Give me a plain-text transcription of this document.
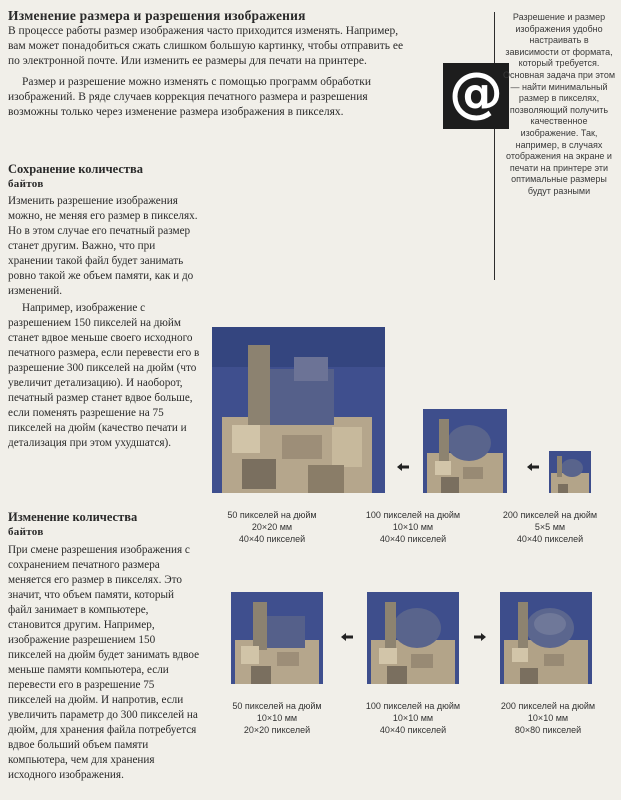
Изменение размера и разрешения изображения

В процессе работы размер изображения часто приходится изменять. Например, вам может понадобиться сжать слишком большую картинку, чтобы отправить ее по электронной почте. Или изменить ее размеры для печати на принтере.

Размер и разрешение можно изменять с помощью программ обработки изображений. В ряде случаев коррекция печатного размера и разрешения возможны только через изменение размера изображения в пикселях.	@
Разрешение и размер изображения удобно настраивать в зависимости от формата, который требуется. Основная задача при этом — найти минимальный размер в пикселях, позволяющий получить качественное изображение. Так, например, в случаях отображения на экране и печати на принтере эти оптимальные размеры будут разными
Сохранение количества
байтов

Изменить разрешение изображения можно, не меняя его размер в пикселях. Но в этом случае его печатный размер станет другим. Важно, что при хранении такой файл будет занимать ровно такой же объем памяти, как и до изменений.

Например, изображение с разрешением 150 пикселей на дюйм станет вдвое меньше своего исходного печатного размера, если перевести его в разрешение 300 пикселей на дюйм (что увеличит детализацию). И наоборот, печатный размер станет вдвое больше, если поменять разрешение на 75 пикселей на дюйм (качество печати и детализация при этом ухудшатся).

Изменение количества
байтов

При смене разрешения изображения с сохранением печатного размера меняется его размер в пикселях. Это значит, что объем памяти, который файл занимает в компьютере, становится другим. Например, изображение разрешением 150 пикселей на дюйм будет занимать вдвое меньше памяти компьютера, если перевести его в разрешение 75 пикселей на дюйм. И напротив, если увеличить параметр до 300 пикселей на дюйм, для хранения файла потребуется вдвое больший объем памяти компьютера, чем для хранения исходного изображения.

50 пикселей на дюйм
20×20 мм
40×40 пикселей
100 пикселей на дюйм
10×10 мм
40×40 пикселей
200 пикселей на дюйм
5×5 мм
40×40 пикселей
50 пикселей на дюйм
10×10 мм
20×20 пикселей
100 пикселей на дюйм
10×10 мм
40×40 пикселей
200 пикселей на дюйм
10×10 мм
80×80 пикселей
